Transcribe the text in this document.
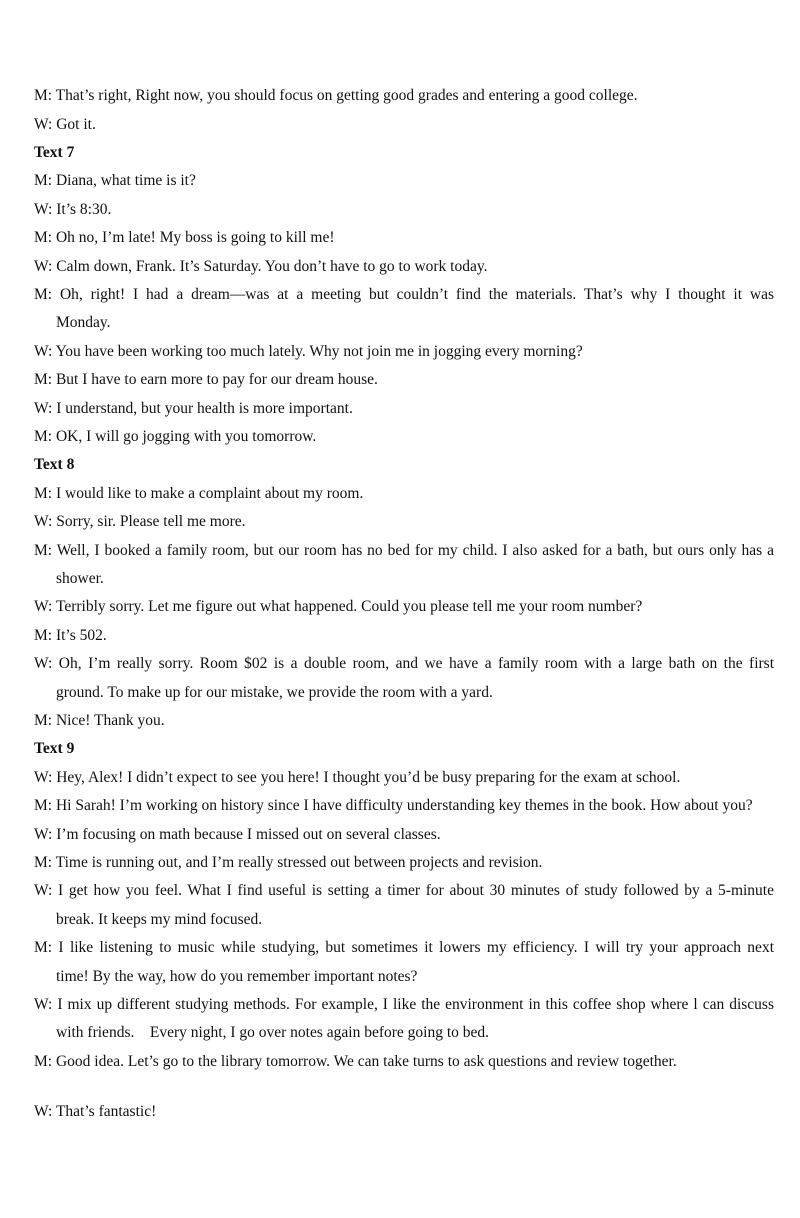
M: That’s right, Right now, you should focus on getting good grades and entering a good college.
W: Got it.
Text 7
M: Diana, what time is it?
W: It’s 8:30.
M: Oh no, I’m late! My boss is going to kill me!
W: Calm down, Frank. It’s Saturday. You don’t have to go to work today.
M: Oh, right! I had a dream—was at a meeting but couldn’t find the materials. That’s why I thought it was
Monday.
W: You have been working too much lately. Why not join me in jogging every morning?
M: But I have to earn more to pay for our dream house.
W: I understand, but your health is more important.
M: OK, I will go jogging with you tomorrow.
Text 8
M: I would like to make a complaint about my room.
W: Sorry, sir. Please tell me more.
M: Well, I booked a family room, but our room has no bed for my child. I also asked for a bath, but ours only has a
shower.
W: Terribly sorry. Let me figure out what happened. Could you please tell me your room number?
M: It’s 502.
W: Oh, I’m really sorry. Room $02 is a double room, and we have a family room with a large bath on the first
ground. To make up for our mistake, we provide the room with a yard.
M: Nice! Thank you.
Text 9
W: Hey, Alex! I didn’t expect to see you here! I thought you’d be busy preparing for the exam at school.
M: Hi Sarah! I’m working on history since I have difficulty understanding key themes in the book. How about you?
W: I’m focusing on math because I missed out on several classes.
M: Time is running out, and I’m really stressed out between projects and revision.
W: I get how you feel. What I find useful is setting a timer for about 30 minutes of study followed by a 5-minute
break. It keeps my mind focused.
M: I like listening to music while studying, but sometimes it lowers my efficiency. I will try your approach next
time! By the way, how do you remember important notes?
W: I mix up different studying methods. For example, I like the environment in this coffee shop where l can discuss
with friends.    Every night, I go over notes again before going to bed.
M: Good idea. Let’s go to the library tomorrow. We can take turns to ask questions and review together.
W: That’s fantastic!
